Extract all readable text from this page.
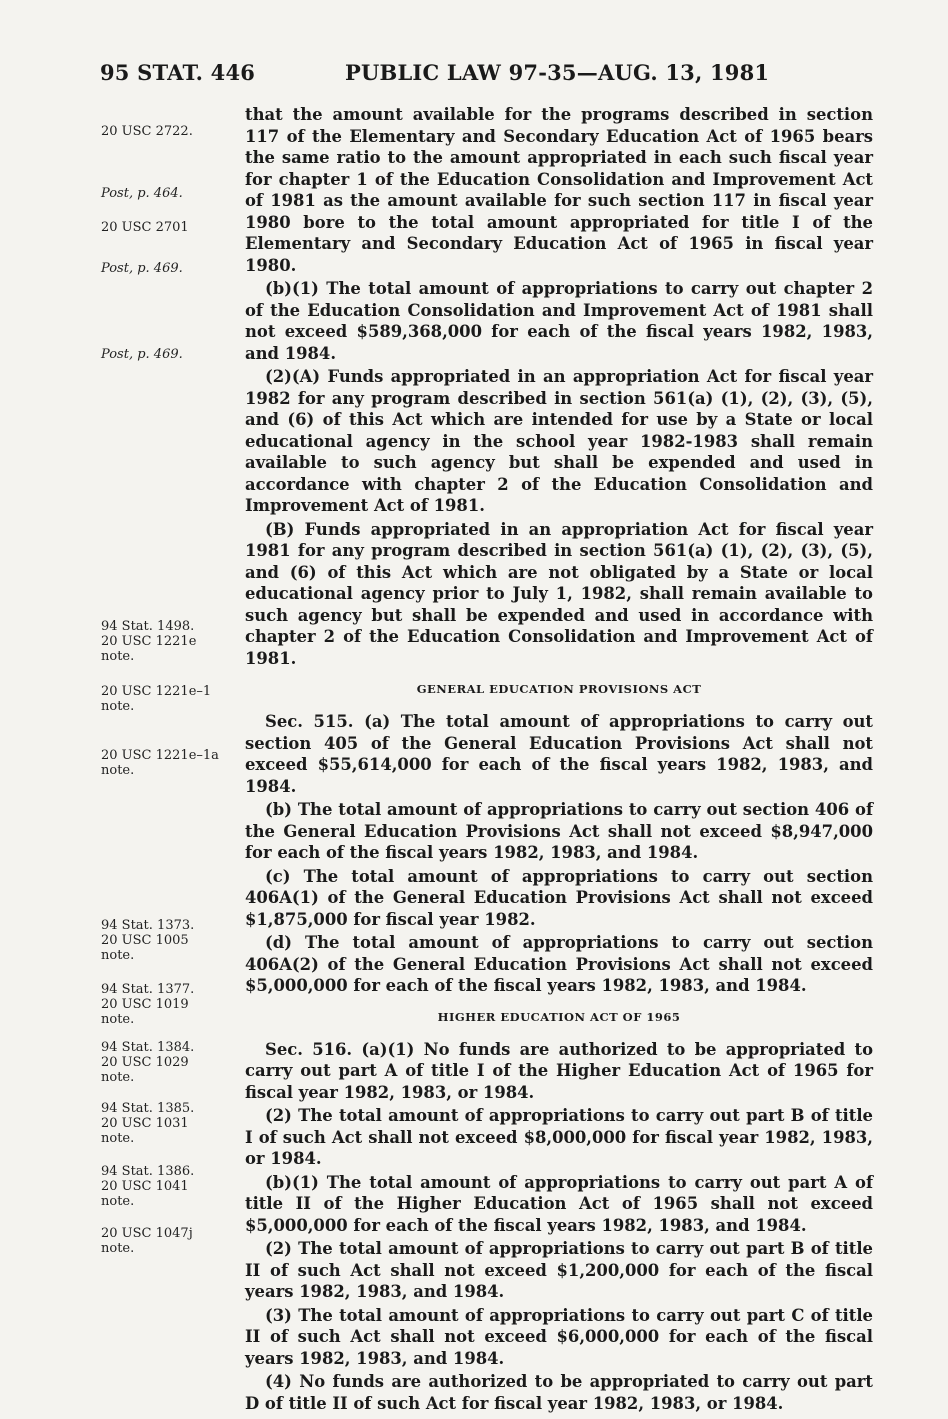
95 STAT. 446	PUBLIC LAW 97-35—AUG. 13, 1981
20 USC 2722.
Post, p. 464.
20 USC 2701
Post, p. 469.
Post, p. 469.
94 Stat. 1498.
20 USC 1221e
note.
20 USC 1221e–1
note.
20 USC 1221e–1a
note.
94 Stat. 1373.
20 USC 1005
note.
94 Stat. 1377.
20 USC 1019
note.
94 Stat. 1384.
20 USC 1029
note.
94 Stat. 1385.
20 USC 1031
note.
94 Stat. 1386.
20 USC 1041
note.
20 USC 1047j
note.

that the amount available for the programs described in section 117 of the Elementary and Secondary Education Act of 1965 bears the same ratio to the amount appropriated in each such fiscal year for chapter 1 of the Education Consolidation and Improvement Act of 1981 as the amount available for such section 117 in fiscal year 1980 bore to the total amount appropriated for title I of the Elementary and Secondary Education Act of 1965 in fiscal year 1980.

(b)(1) The total amount of appropriations to carry out chapter 2 of the Education Consolidation and Improvement Act of 1981 shall not exceed $589,368,000 for each of the fiscal years 1982, 1983, and 1984.

(2)(A) Funds appropriated in an appropriation Act for fiscal year 1982 for any program described in section 561(a) (1), (2), (3), (5), and (6) of this Act which are intended for use by a State or local educational agency in the school year 1982-1983 shall remain available to such agency but shall be expended and used in accordance with chapter 2 of the Education Consolidation and Improvement Act of 1981.

(B) Funds appropriated in an appropriation Act for fiscal year 1981 for any program described in section 561(a) (1), (2), (3), (5), and (6) of this Act which are not obligated by a State or local educational agency prior to July 1, 1982, shall remain available to such agency but shall be expended and used in accordance with chapter 2 of the Education Consolidation and Improvement Act of 1981.

GENERAL EDUCATION PROVISIONS ACT

Sec. 515. (a) The total amount of appropriations to carry out section 405 of the General Education Provisions Act shall not exceed $55,614,000 for each of the fiscal years 1982, 1983, and 1984.

(b) The total amount of appropriations to carry out section 406 of the General Education Provisions Act shall not exceed $8,947,000 for each of the fiscal years 1982, 1983, and 1984.

(c) The total amount of appropriations to carry out section 406A(1) of the General Education Provisions Act shall not exceed $1,875,000 for fiscal year 1982.

(d) The total amount of appropriations to carry out section 406A(2) of the General Education Provisions Act shall not exceed $5,000,000 for each of the fiscal years 1982, 1983, and 1984.

HIGHER EDUCATION ACT OF 1965

Sec. 516. (a)(1) No funds are authorized to be appropriated to carry out part A of title I of the Higher Education Act of 1965 for fiscal year 1982, 1983, or 1984.

(2) The total amount of appropriations to carry out part B of title I of such Act shall not exceed $8,000,000 for fiscal year 1982, 1983, or 1984.

(b)(1) The total amount of appropriations to carry out part A of title II of the Higher Education Act of 1965 shall not exceed $5,000,000 for each of the fiscal years 1982, 1983, and 1984.

(2) The total amount of appropriations to carry out part B of title II of such Act shall not exceed $1,200,000 for each of the fiscal years 1982, 1983, and 1984.

(3) The total amount of appropriations to carry out part C of title II of such Act shall not exceed $6,000,000 for each of the fiscal years 1982, 1983, and 1984.

(4) No funds are authorized to be appropriated to carry out part D of title II of such Act for fiscal year 1982, 1983, or 1984.
